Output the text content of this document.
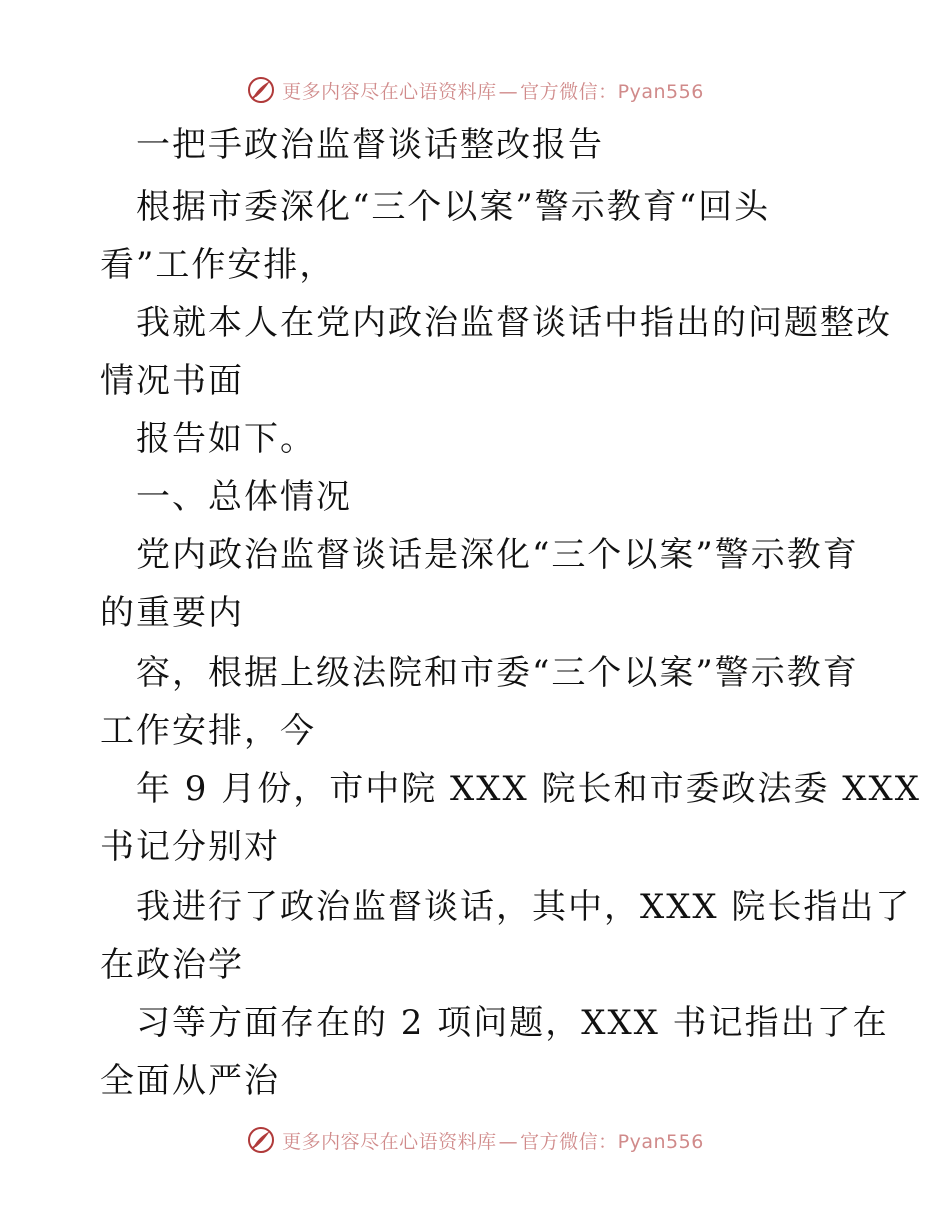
更多内容尽在心语资料库 — 官方微信：Pyan556
一把手政治监督谈话整改报告
根据市委深化“三个以案”警示教育“回头
看”工作安排，
我就本人在党内政治监督谈话中指出的问题整改
情况书面
报告如下。
一、总体情况
党内政治监督谈话是深化“三个以案”警示教育
的重要内
容，根据上级法院和市委“三个以案”警示教育
工作安排，今
年 9 月份，市中院 XXX 院长和市委政法委 XXX
书记分别对
我进行了政治监督谈话，其中，XXX 院长指出了
在政治学
习等方面存在的 2 项问题，XXX 书记指出了在
全面从严治
更多内容尽在心语资料库 — 官方微信：Pyan556
